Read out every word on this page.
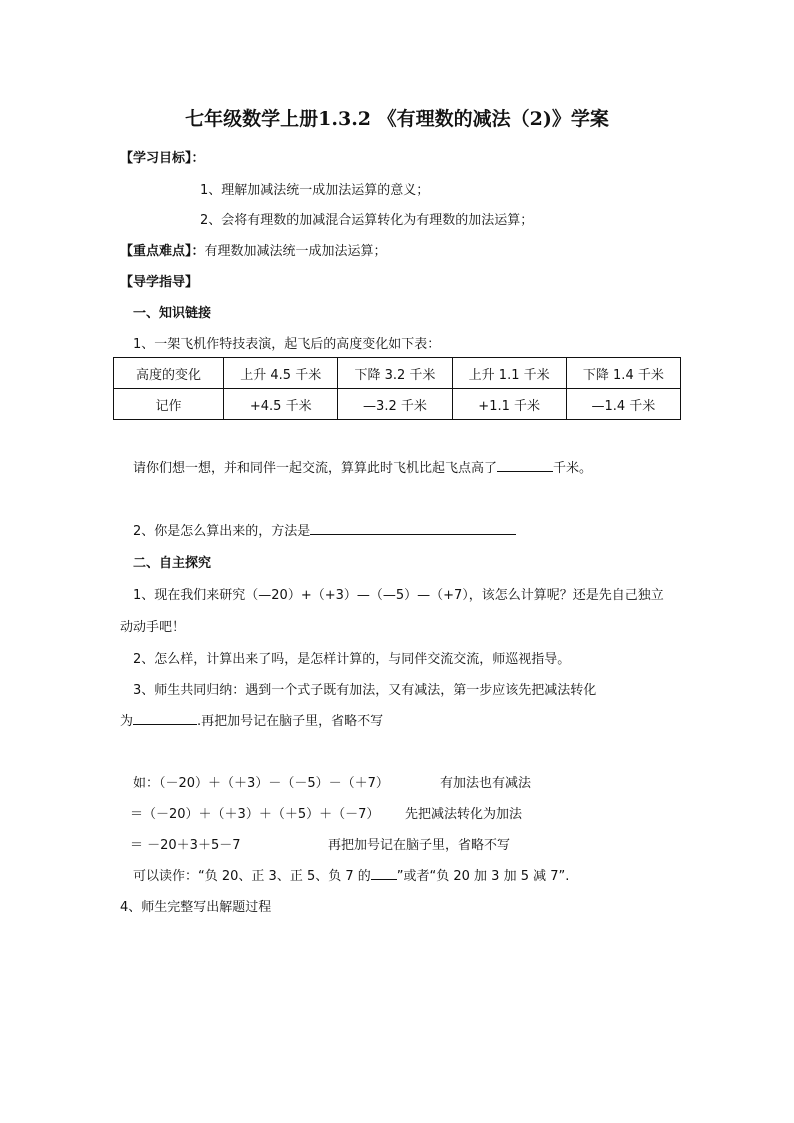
七年级数学上册1.3.2 《有理数的减法（2)》学案
【学习目标】：
1、理解加减法统一成加法运算的意义；
2、会将有理数的加减混合运算转化为有理数的加法运算；
【重点难点】：有理数加减法统一成加法运算；
【导学指导】
一、知识链接
1、一架飞机作特技表演，起飞后的高度变化如下表：
高度的变化	上升 4.5 千米	下降 3.2 千米	上升 1.1 千米	下降 1.4 千米
记作	+4.5 千米	—3.2 千米	+1.1 千米	—1.4 千米
请你们想一想，并和同伴一起交流，算算此时飞机比起飞点高了	千米。
2、你是怎么算出来的，方法是
二、自主探究
1、现在我们来研究（—20）+（+3）—（—5）—（+7），该怎么计算呢？还是先自己独立
动动手吧！
2、怎么样，计算出来了吗，是怎样计算的，与同伴交流交流，师巡视指导。
3、师生共同归纳：遇到一个式子既有加法，又有减法，第一步应该先把减法转化
为	.再把加号记在脑子里，省略不写
如：（－20）＋（＋3）－（－5）－（＋7）	有加法也有减法
＝（－20）＋（＋3）＋（＋5）＋（－7） 先把减法转化为加法
＝ －20＋3＋5－7	再把加号记在脑子里，省略不写
可以读作：“负 20、正 3、正 5、负 7 的 ”或者“负 20 加 3 加 5 减 7”.
4、师生完整写出解题过程
